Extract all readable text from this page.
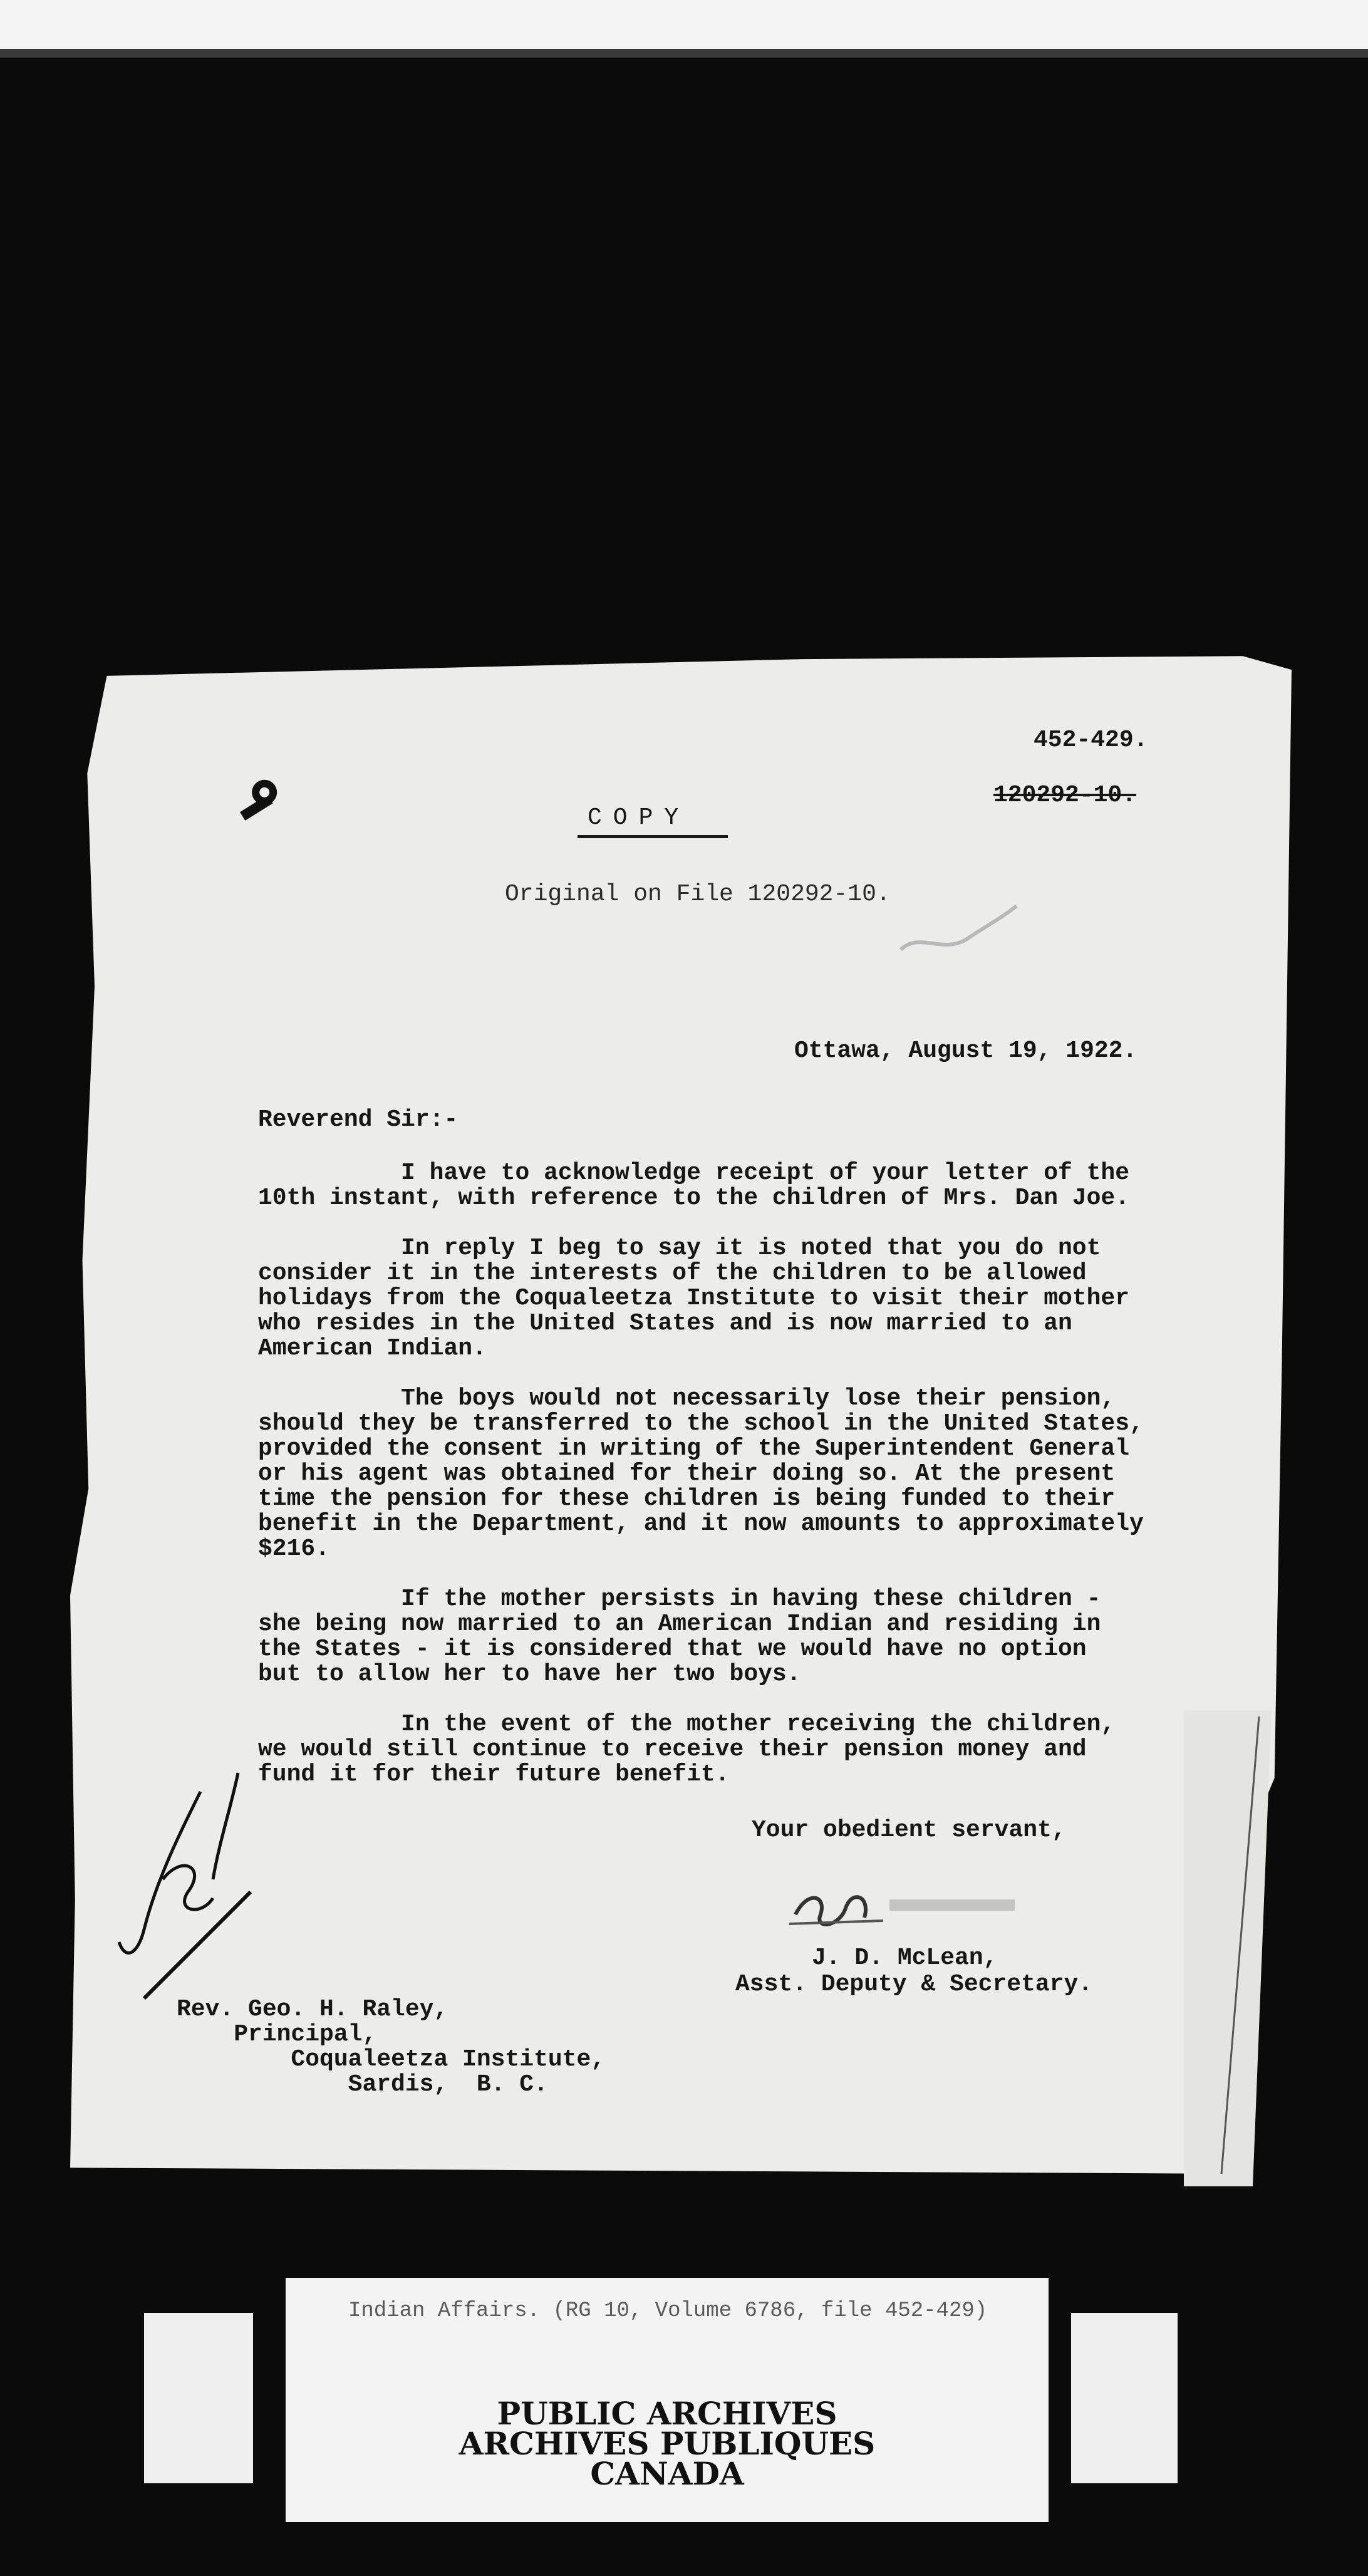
452-429.
120292-10.
COPY
Original on File 120292-10.
Ottawa, August 19, 1922.
Reverend Sir:-
I have to acknowledge receipt of your letter of the
10th instant, with reference to the children of Mrs. Dan Joe.

In reply I beg to say it is noted that you do not
consider it in the interests of the children to be allowed
holidays from the Coqualeetza Institute to visit their mother
who resides in the United States and is now married to an
American Indian.

The boys would not necessarily lose their pension,
should they be transferred to the school in the United States,
provided the consent in writing of the Superintendent General
or his agent was obtained for their doing so. At the present
time the pension for these children is being funded to their
benefit in the Department, and it now amounts to approximately
$216.

If the mother persists in having these children -
she being now married to an American Indian and residing in
the States - it is considered that we would have no option
but to allow her to have her two boys.

In the event of the mother receiving the children,
we would still continue to receive their pension money and
fund it for their future benefit.
Your obedient servant,
J. D. McLean,
Asst. Deputy & Secretary.
Rev. Geo. H. Raley,
Principal,
Coqualeetza Institute,
Sardis,  B. C.
Indian Affairs. (RG 10, Volume 6786, file 452-429)
PUBLIC ARCHIVES
ARCHIVES PUBLIQUES
CANADA
